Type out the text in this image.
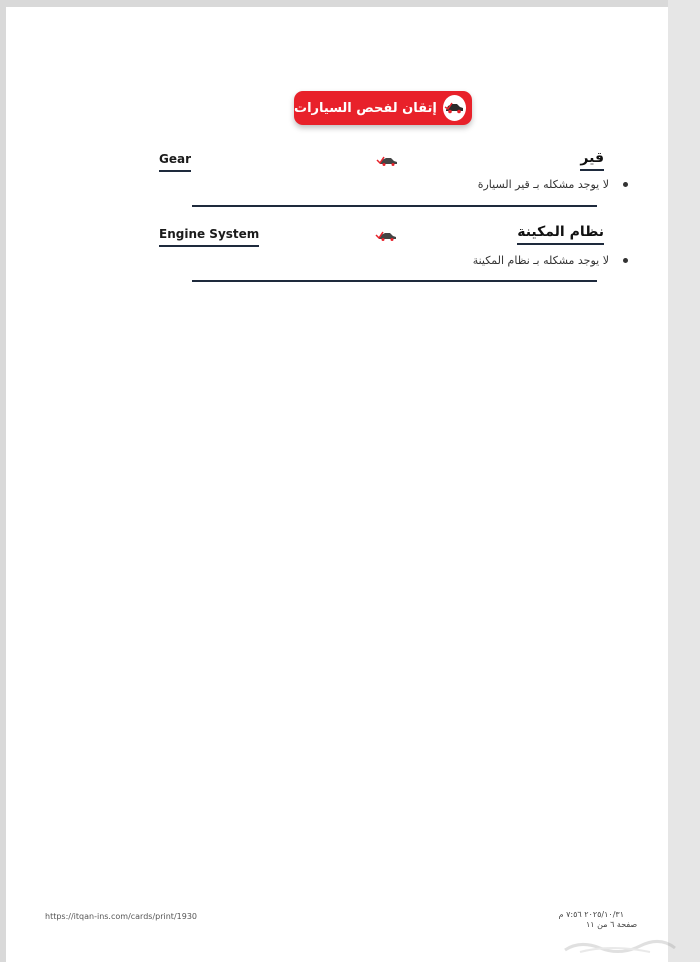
إتقان لفحص السيارات
قير
Gear
لا يوجد مشكله بـ قير السيارة
نظام المكينة
Engine System
لا يوجد مشكله بـ نظام المكينة
https://itqan-ins.com/cards/print/1930	٢٠٢٥/١٠/٣١ ٧:٥٦ م
صفحة ٦ من ١١
